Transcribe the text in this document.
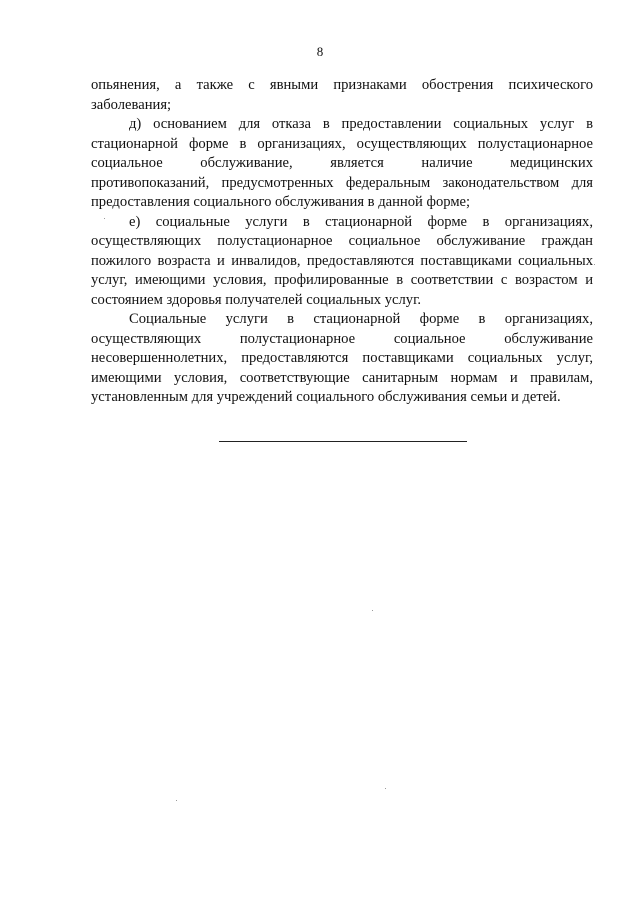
8
опьянения, а также с явными признаками обострения психического
заболевания;
д) основанием для отказа в предоставлении социальных услуг в
стационарной форме в организациях, осуществляющих полустационарное
социальное обслуживание, является наличие медицинских
противопоказаний, предусмотренных федеральным законодательством для
предоставления социального обслуживания в данной форме;
е) социальные услуги в стационарной форме в организациях,
осуществляющих полустационарное социальное обслуживание граждан
пожилого возраста и инвалидов, предоставляются поставщиками социальных
услуг, имеющими условия, профилированные в соответствии с возрастом и
состоянием здоровья получателей социальных услуг.
Социальные услуги в стационарной форме в организациях,
осуществляющих полустационарное социальное обслуживание
несовершеннолетних, предоставляются поставщиками социальных услуг,
имеющими условия, соответствующие санитарным нормам и правилам,
установленным для учреждений социального обслуживания семьи и детей.
